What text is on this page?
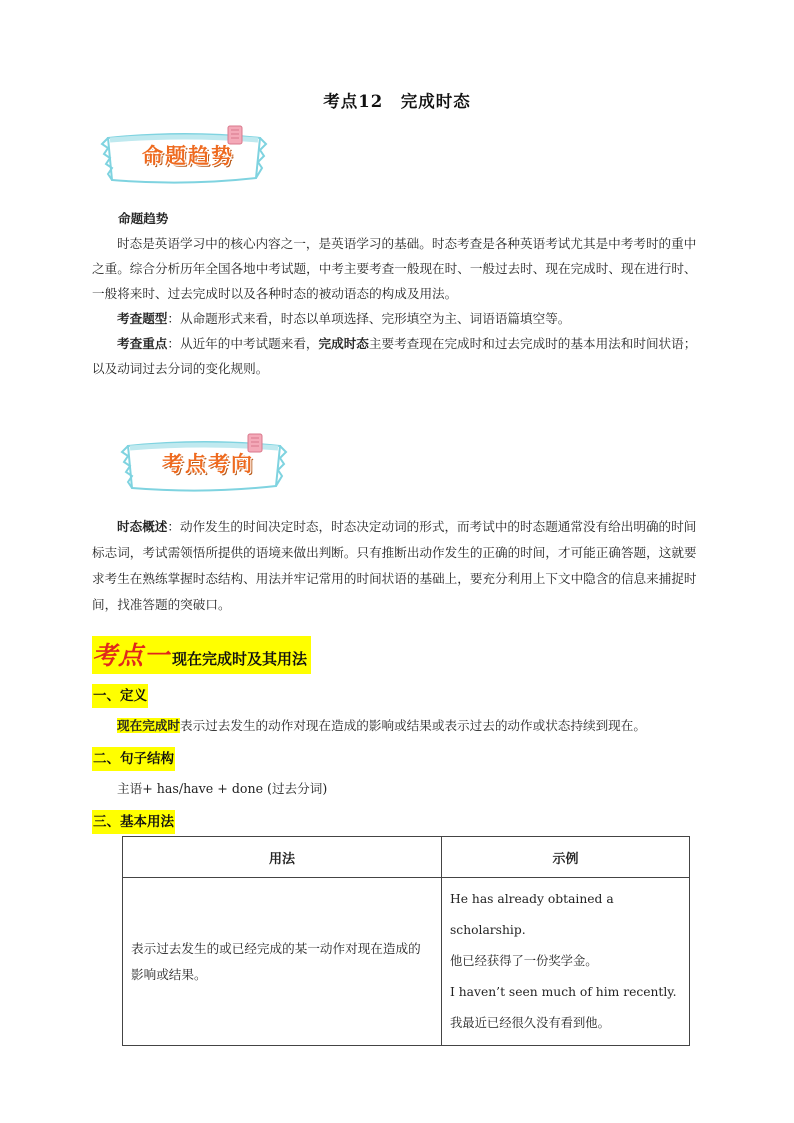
考点12　完成时态
命题趋势

命题趋势

时态是英语学习中的核心内容之一，是英语学习的基础。时态考查是各种英语考试尤其是中考考时的重中之重。综合分析历年全国各地中考试题，中考主要考查一般现在时、一般过去时、现在完成时、现在进行时、一般将来时、过去完成时以及各种时态的被动语态的构成及用法。

考查题型：从命题形式来看，时态以单项选择、完形填空为主、词语语篇填空等。

考查重点：从近年的中考试题来看，完成时态主要考查现在完成时和过去完成时的基本用法和时间状语；以及动词过去分词的变化规则。

考点考向

时态概述：动作发生的时间决定时态，时态决定动词的形式，而考试中的时态题通常没有给出明确的时间标志词，考试需领悟所提供的语境来做出判断。只有推断出动作发生的正确的时间，才可能正确答题，这就要求考生在熟练掌握时态结构、用法并牢记常用的时间状语的基础上，要充分利用上下文中隐含的信息来捕捉时间，找准答题的突破口。

考点一 现在完成时及其用法
一、定义
现在完成时表示过去发生的动作对现在造成的影响或结果或表示过去的动作或状态持续到现在。
二、句子结构
主语+ has/have + done (过去分词)
三、基本用法
用法	示例
表示过去发生的或已经完成的某一动作对现在造成的影响或结果。	He has already obtained a scholarship.
他已经获得了一份奖学金。
I haven’t seen much of him recently.
我最近已经很久没有看到他。
